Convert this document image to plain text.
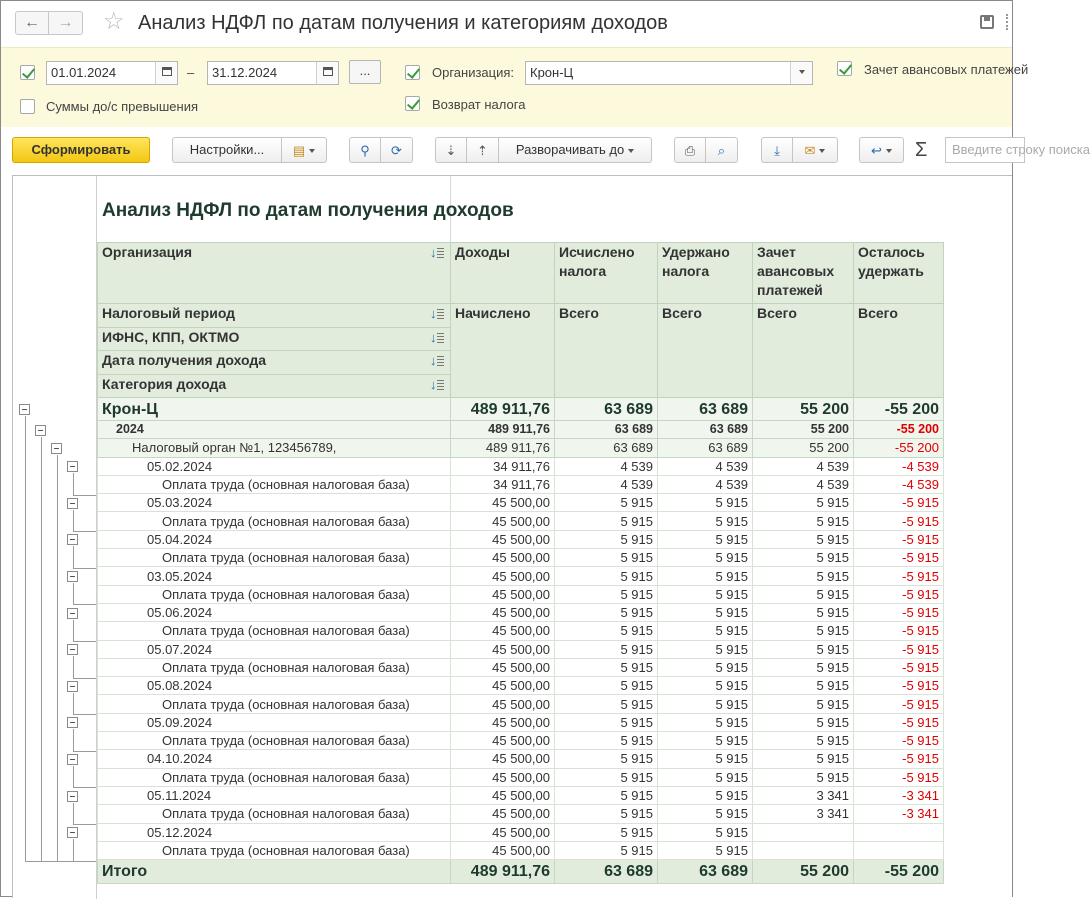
←	→	☆ Анализ НДФЛ по датам получения и категориям доходов
01.01.2024	–	31.12.2024	...	Организация:	Крон-Ц	Зачет авансовых платежей
Суммы до/с превышения	Возврат налога
Сформировать	Настройки...	▤	⚲	⟳	⇣	⇡	Разворачивать до	⎙	⌕	⤓	✉	↩	Σ	Введите строку поиска
Анализ НДФЛ по датам получения доходов
Организация
↓	Доходы	Исчислено налога	Удержано налога	Зачет авансовых платежей	Осталось удержать
Налоговый период
↓	Начислено	Всего	Всего	Всего	Всего
ИФНС, КПП, ОКТМО
↓

Дата получения дохода
↓

Категория дохода
↓

Крон-Ц	489 911,76	63 689	63 689	55 200	-55 200
2024	489 911,76	63 689	63 689	55 200	-55 200
Налоговый орган №1, 123456789,	489 911,76	63 689	63 689	55 200	-55 200
05.02.2024	34 911,76	4 539	4 539	4 539	-4 539
Оплата труда (основная налоговая база)	34 911,76	4 539	4 539	4 539	-4 539
05.03.2024	45 500,00	5 915	5 915	5 915	-5 915
Оплата труда (основная налоговая база)	45 500,00	5 915	5 915	5 915	-5 915
05.04.2024	45 500,00	5 915	5 915	5 915	-5 915
Оплата труда (основная налоговая база)	45 500,00	5 915	5 915	5 915	-5 915
03.05.2024	45 500,00	5 915	5 915	5 915	-5 915
Оплата труда (основная налоговая база)	45 500,00	5 915	5 915	5 915	-5 915
05.06.2024	45 500,00	5 915	5 915	5 915	-5 915
Оплата труда (основная налоговая база)	45 500,00	5 915	5 915	5 915	-5 915
05.07.2024	45 500,00	5 915	5 915	5 915	-5 915
Оплата труда (основная налоговая база)	45 500,00	5 915	5 915	5 915	-5 915
05.08.2024	45 500,00	5 915	5 915	5 915	-5 915
Оплата труда (основная налоговая база)	45 500,00	5 915	5 915	5 915	-5 915
05.09.2024	45 500,00	5 915	5 915	5 915	-5 915
Оплата труда (основная налоговая база)	45 500,00	5 915	5 915	5 915	-5 915
04.10.2024	45 500,00	5 915	5 915	5 915	-5 915
Оплата труда (основная налоговая база)	45 500,00	5 915	5 915	5 915	-5 915
05.11.2024	45 500,00	5 915	5 915	3 341	-3 341
Оплата труда (основная налоговая база)	45 500,00	5 915	5 915	3 341	-3 341
05.12.2024	45 500,00	5 915	5 915		
Оплата труда (основная налоговая база)	45 500,00	5 915	5 915		
Итого	489 911,76	63 689	63 689	55 200	-55 200
